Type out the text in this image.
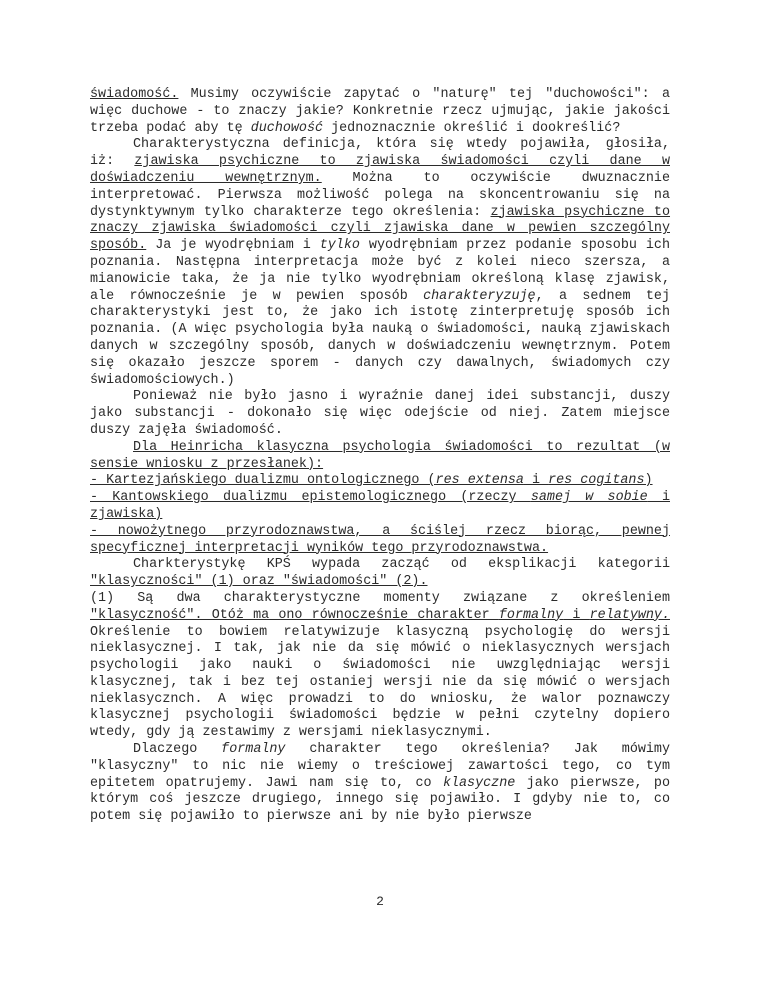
świadomość. Musimy oczywiście zapytać o "naturę" tej "duchowości": a więc duchowe - to znaczy jakie? Konkretnie rzecz ujmując, jakie jakości trzeba podać aby tę duchowość jednoznacznie określić i dookreślić?

Charakterystyczna definicja, która się wtedy pojawiła, głosiła, iż: zjawiska psychiczne to zjawiska świadomości czyli dane w doświadczeniu wewnętrznym. Można to oczywiście dwuznacznie interpretować. Pierwsza możliwość polega na skoncentrowaniu się na dystynktywnym tylko charakterze tego określenia: zjawiska psychiczne to znaczy zjawiska świadomości czyli zjawiska dane w pewien szczególny sposób. Ja je wyodrębniam i tylko wyodrębniam przez podanie sposobu ich poznania. Następna interpretacja może być z kolei nieco szersza, a mianowicie taka, że ja nie tylko wyodrębniam określoną klasę zjawisk, ale równocześnie je w pewien sposób charakteryzuję, a sednem tej charakterystyki jest to, że jako ich istotę zinterpretuję sposób ich poznania. (A więc psychologia była nauką o świadomości, nauką zjawiskach danych w szczególny sposób, danych w doświadczeniu wewnętrznym. Potem się okazało jeszcze sporem - danych czy dawalnych, świadomych czy świadomościowych.)

Ponieważ nie było jasno i wyraźnie danej idei substancji, duszy jako substancji - dokonało się więc odejście od niej. Zatem miejsce duszy zajęła świadomość.

Dla Heinricha klasyczna psychologia świadomości to rezultat (w sensie wniosku z przesłanek):

- Kartezjańskiego dualizmu ontologicznego (res extensa i res cogitans)

- Kantowskiego dualizmu epistemologicznego (rzeczy samej w sobie i zjawiska)

- nowożytnego przyrodoznawstwa, a ściślej rzecz biorąc, pewnej specyficznej interpretacji wyników tego przyrodoznawstwa.

Charkterystykę KPŚ wypada zacząć od eksplikacji kategorii "klasyczności" (1) oraz "świadomości" (2).

(1) Są dwa charakterystyczne momenty związane z określeniem "klasyczność". Otóż ma ono równocześnie charakter formalny i relatywny. Określenie to bowiem relatywizuje klasyczną psychologię do wersji nieklasycznej. I tak, jak nie da się mówić o nieklasycznych wersjach psychologii jako nauki o świadomości nie uwzględniając wersji klasycznej, tak i bez tej ostaniej wersji nie da się mówić o wersjach nieklasycznch. A więc prowadzi to do wniosku, że walor poznawczy klasycznej psychologii świadomości będzie w pełni czytelny dopiero wtedy, gdy ją zestawimy z wersjami nieklasycznymi.

Dlaczego formalny charakter tego określenia? Jak mówimy "klasyczny" to nic nie wiemy o treściowej zawartości tego, co tym epitetem opatrujemy. Jawi nam się to, co klasyczne jako pierwsze, po którym coś jeszcze drugiego, innego się pojawiło. I gdyby nie to, co potem się pojawiło to pierwsze ani by nie było pierwsze

2
